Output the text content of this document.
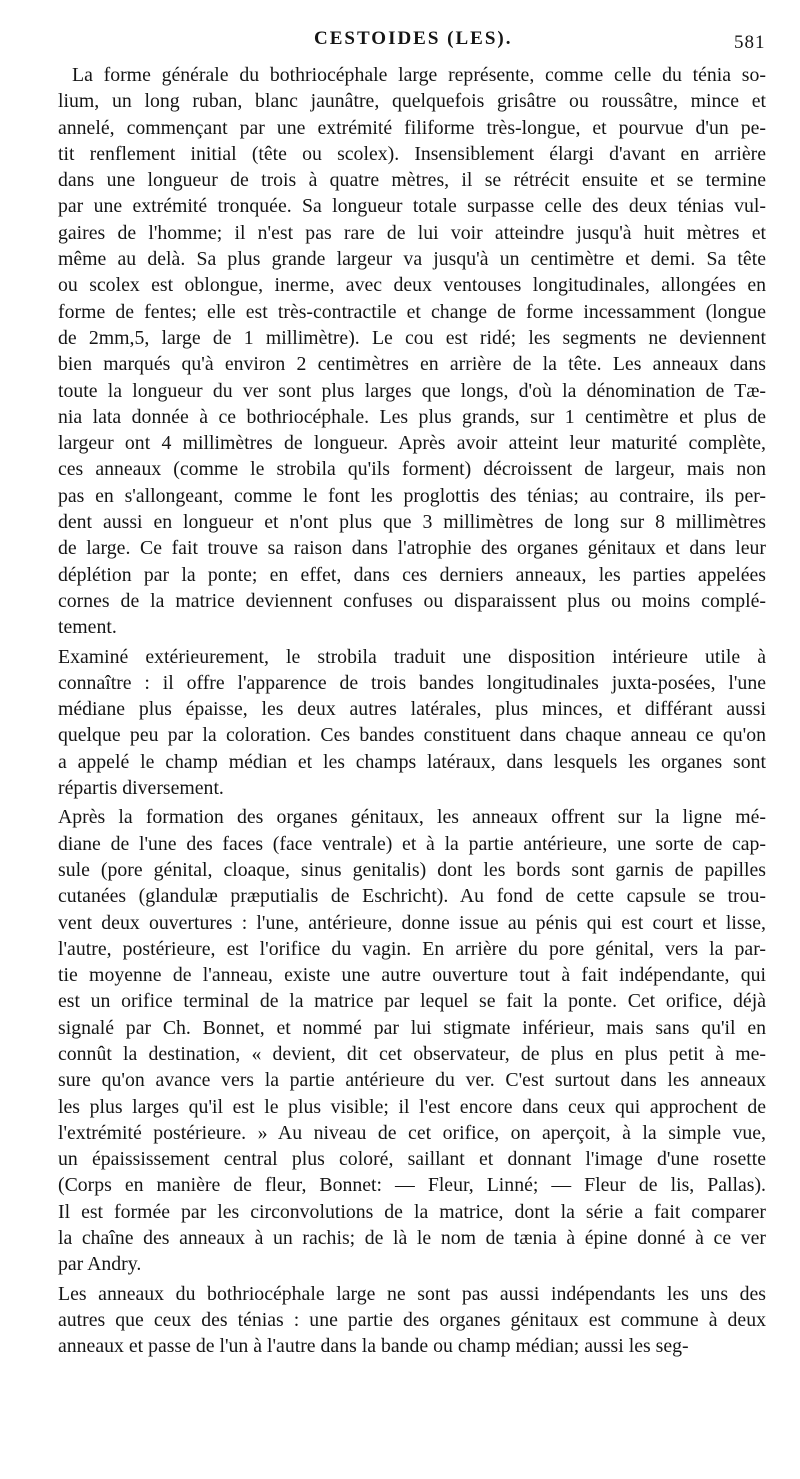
CESTOIDES (LES).	581
La forme générale du bothriocéphale large représente, comme celle du ténia so-
lium, un long ruban, blanc jaunâtre, quelquefois grisâtre ou roussâtre, mince et
annelé, commençant par une extrémité filiforme très-longue, et pourvue d'un pe-
tit renflement initial (tête ou scolex). Insensiblement élargi d'avant en arrière
dans une longueur de trois à quatre mètres, il se rétrécit ensuite et se termine
par une extrémité tronquée. Sa longueur totale surpasse celle des deux ténias vul-
gaires de l'homme; il n'est pas rare de lui voir atteindre jusqu'à huit mètres et
même au delà. Sa plus grande largeur va jusqu'à un centimètre et demi. Sa tête
ou scolex est oblongue, inerme, avec deux ventouses longitudinales, allongées en
forme de fentes; elle est très-contractile et change de forme incessamment (longue
de 2mm,5, large de 1 millimètre). Le cou est ridé; les segments ne deviennent
bien marqués qu'à environ 2 centimètres en arrière de la tête. Les anneaux dans
toute la longueur du ver sont plus larges que longs, d'où la dénomination de Tæ-
nia lata donnée à ce bothriocéphale. Les plus grands, sur 1 centimètre et plus de
largeur ont 4 millimètres de longueur. Après avoir atteint leur maturité complète,
ces anneaux (comme le strobila qu'ils forment) décroissent de largeur, mais non
pas en s'allongeant, comme le font les proglottis des ténias; au contraire, ils per-
dent aussi en longueur et n'ont plus que 3 millimètres de long sur 8 millimètres
de large. Ce fait trouve sa raison dans l'atrophie des organes génitaux et dans leur
déplétion par la ponte; en effet, dans ces derniers anneaux, les parties appelées
cornes de la matrice deviennent confuses ou disparaissent plus ou moins complé-
tement.
Examiné extérieurement, le strobila traduit une disposition intérieure utile à
connaître : il offre l'apparence de trois bandes longitudinales juxta-posées, l'une
médiane plus épaisse, les deux autres latérales, plus minces, et différant aussi
quelque peu par la coloration. Ces bandes constituent dans chaque anneau ce qu'on
a appelé le champ médian et les champs latéraux, dans lesquels les organes sont
répartis diversement.
Après la formation des organes génitaux, les anneaux offrent sur la ligne mé-
diane de l'une des faces (face ventrale) et à la partie antérieure, une sorte de cap-
sule (pore génital, cloaque, sinus genitalis) dont les bords sont garnis de papilles
cutanées (glandulæ præputialis de Eschricht). Au fond de cette capsule se trou-
vent deux ouvertures : l'une, antérieure, donne issue au pénis qui est court et lisse,
l'autre, postérieure, est l'orifice du vagin. En arrière du pore génital, vers la par-
tie moyenne de l'anneau, existe une autre ouverture tout à fait indépendante, qui
est un orifice terminal de la matrice par lequel se fait la ponte. Cet orifice, déjà
signalé par Ch. Bonnet, et nommé par lui stigmate inférieur, mais sans qu'il en
connût la destination, « devient, dit cet observateur, de plus en plus petit à me-
sure qu'on avance vers la partie antérieure du ver. C'est surtout dans les anneaux
les plus larges qu'il est le plus visible; il l'est encore dans ceux qui approchent de
l'extrémité postérieure. » Au niveau de cet orifice, on aperçoit, à la simple vue,
un épaississement central plus coloré, saillant et donnant l'image d'une rosette
(Corps en manière de fleur, Bonnet: — Fleur, Linné; — Fleur de lis, Pallas).
Il est formée par les circonvolutions de la matrice, dont la série a fait comparer
la chaîne des anneaux à un rachis; de là le nom de tænia à épine donné à ce ver
par Andry.
Les anneaux du bothriocéphale large ne sont pas aussi indépendants les uns des
autres que ceux des ténias : une partie des organes génitaux est commune à deux
anneaux et passe de l'un à l'autre dans la bande ou champ médian; aussi les seg-
